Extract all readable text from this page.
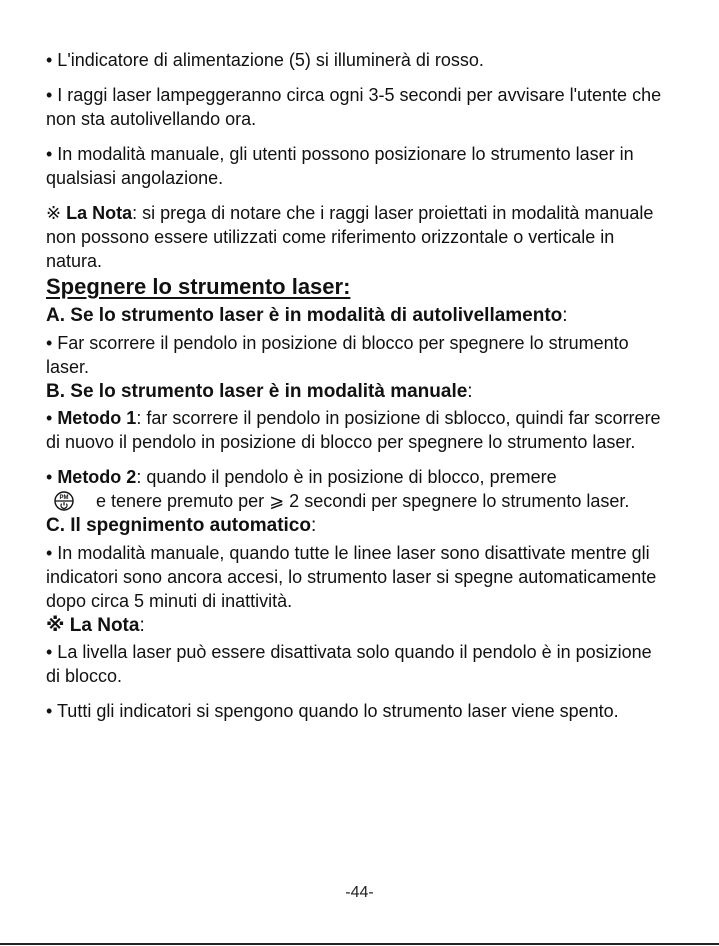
• L'indicatore di alimentazione (5) si illuminerà di rosso.

• I raggi laser lampeggeranno circa ogni 3-5 secondi per avvisare l'utente che non sta autolivellando ora.

• In modalità manuale, gli utenti possono posizionare lo strumento laser in qualsiasi angolazione.

※ La Nota: si prega di notare che i raggi laser proiettati in modalità manuale non possono essere utilizzati come riferimento orizzontale o verticale in natura.

Spegnere lo strumento laser:
A. Se lo strumento laser è in modalità di autolivellamento:

• Far scorrere il pendolo in posizione di blocco per spegnere lo strumento laser.

B. Se lo strumento laser è in modalità manuale:

• Metodo 1: far scorrere il pendolo in posizione di sblocco, quindi far scorrere di nuovo il pendolo in posizione di blocco per spegnere lo strumento laser.

• Metodo 2: quando il pendolo è in posizione di blocco, premere

PM e tenere premuto per ⩾ 2 secondi per spegnere lo strumento laser.

C. Il spegnimento automatico:

• In modalità manuale, quando tutte le linee laser sono disattivate mentre gli indicatori sono ancora accesi, lo strumento laser si spegne automaticamente dopo circa 5 minuti di inattività.

※ La Nota:

• La livella laser può essere disattivata solo quando il pendolo è in posizione di blocco.

• Tutti gli indicatori si spengono quando lo strumento laser viene spento.

-44-
